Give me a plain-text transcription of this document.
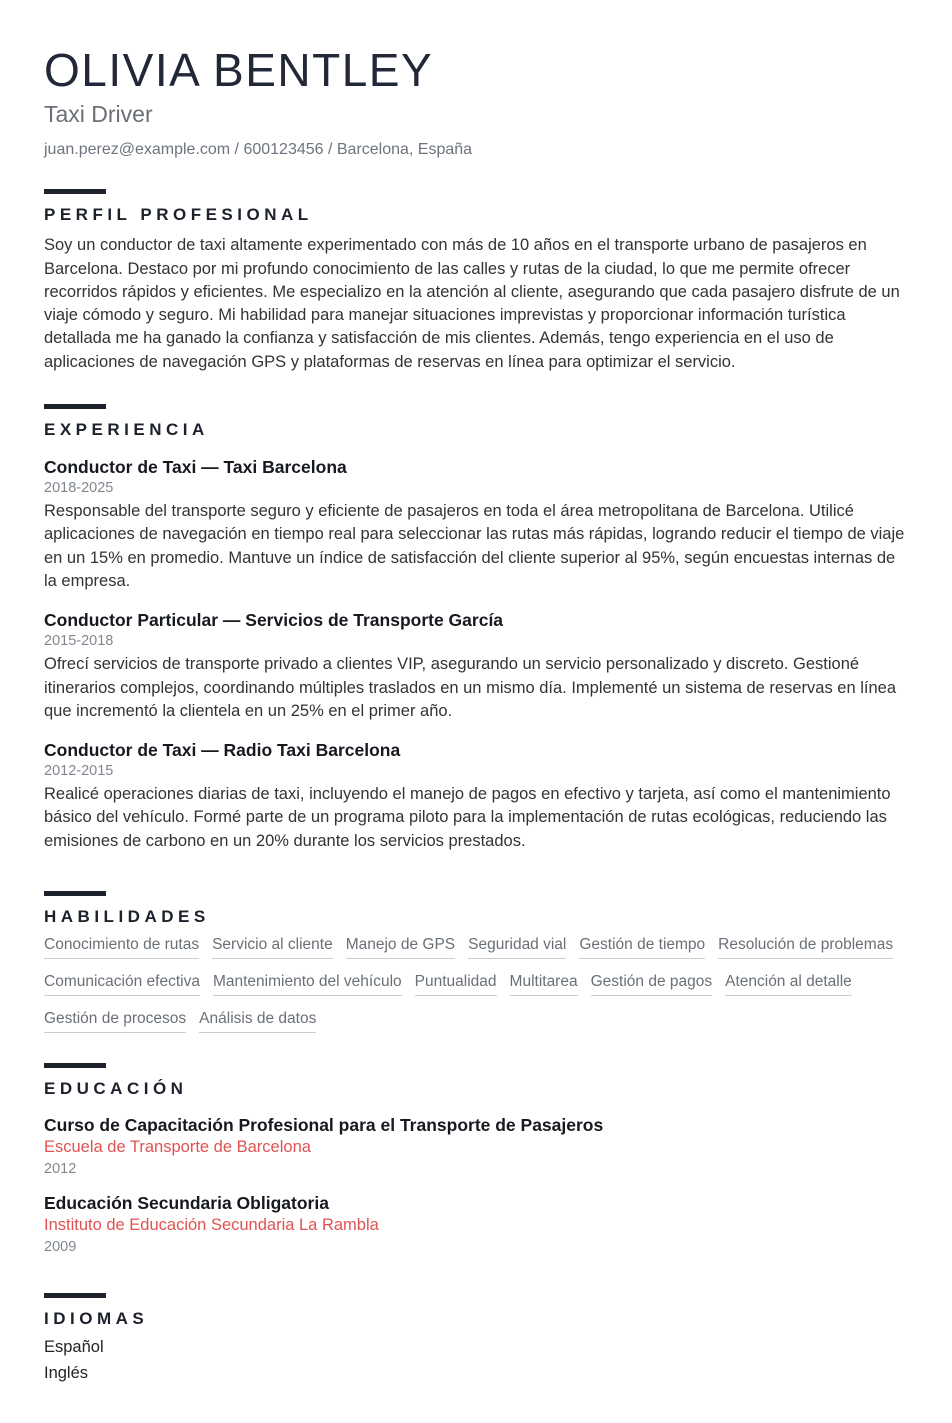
OLIVIA BENTLEY
Taxi Driver
juan.perez@example.com / 600123456 / Barcelona, España
PERFIL PROFESIONAL

Soy un conductor de taxi altamente experimentado con más de 10 años en el transporte urbano de pasajeros en Barcelona. Destaco por mi profundo conocimiento de las calles y rutas de la ciudad, lo que me permite ofrecer recorridos rápidos y eficientes. Me especializo en la atención al cliente, asegurando que cada pasajero disfrute de un viaje cómodo y seguro. Mi habilidad para manejar situaciones imprevistas y proporcionar información turística detallada me ha ganado la confianza y satisfacción de mis clientes. Además, tengo experiencia en el uso de aplicaciones de navegación GPS y plataformas de reservas en línea para optimizar el servicio.

EXPERIENCIA
Conductor de Taxi — Taxi Barcelona
2018-2025

Responsable del transporte seguro y eficiente de pasajeros en toda el área metropolitana de Barcelona. Utilicé aplicaciones de navegación en tiempo real para seleccionar las rutas más rápidas, logrando reducir el tiempo de viaje en un 15% en promedio. Mantuve un índice de satisfacción del cliente superior al 95%, según encuestas internas de la empresa.

Conductor Particular — Servicios de Transporte García
2015-2018

Ofrecí servicios de transporte privado a clientes VIP, asegurando un servicio personalizado y discreto. Gestioné itinerarios complejos, coordinando múltiples traslados en un mismo día. Implementé un sistema de reservas en línea que incrementó la clientela en un 25% en el primer año.

Conductor de Taxi — Radio Taxi Barcelona
2012-2015

Realicé operaciones diarias de taxi, incluyendo el manejo de pagos en efectivo y tarjeta, así como el mantenimiento básico del vehículo. Formé parte de un programa piloto para la implementación de rutas ecológicas, reduciendo las emisiones de carbono en un 20% durante los servicios prestados.

HABILIDADES
Conocimiento de rutas Servicio al cliente Manejo de GPS Seguridad vial Gestión de tiempo Resolución de problemas
Comunicación efectiva Mantenimiento del vehículo Puntualidad Multitarea Gestión de pagos Atención al detalle
Gestión de procesos Análisis de datos
EDUCACIÓN
Curso de Capacitación Profesional para el Transporte de Pasajeros
Escuela de Transporte de Barcelona
2012
Educación Secundaria Obligatoria
Instituto de Educación Secundaria La Rambla
2009
IDIOMAS
Español
Inglés
